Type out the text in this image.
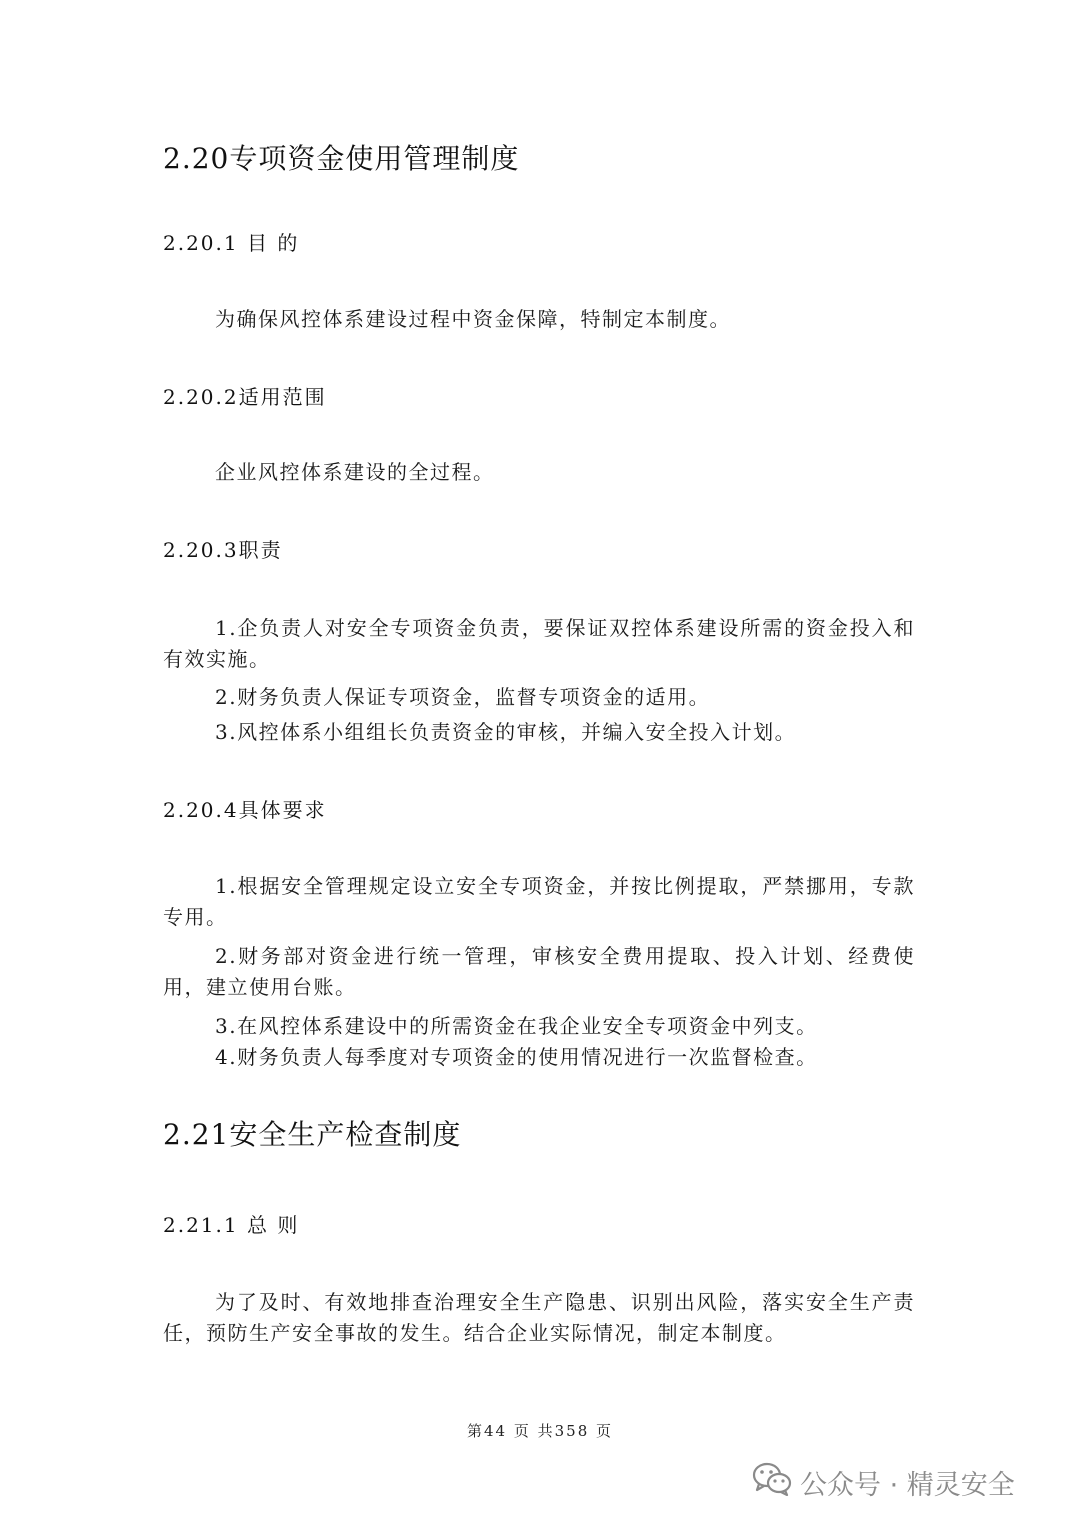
2.20专项资金使用管理制度
2.20.1 目 的

为确保风控体系建设过程中资金保障，特制定本制度。

2.20.2适用范围

企业风控体系建设的全过程。

2.20.3职责

1.企负责人对安全专项资金负责，要保证双控体系建设所需的资金投入和有效实施。

2.财务负责人保证专项资金，监督专项资金的适用。

3.风控体系小组组长负责资金的审核，并编入安全投入计划。

2.20.4具体要求

1.根据安全管理规定设立安全专项资金，并按比例提取，严禁挪用，专款专用。

2.财务部对资金进行统一管理，审核安全费用提取、投入计划、经费使用，建立使用台账。

3.在风控体系建设中的所需资金在我企业安全专项资金中列支。

4.财务负责人每季度对专项资金的使用情况进行一次监督检查。

2.21安全生产检查制度
2.21.1 总 则

为了及时、有效地排查治理安全生产隐患、识别出风险，落实安全生产责任，预防生产安全事故的发生。结合企业实际情况，制定本制度。

第44 页 共358 页
公众号 · 精灵安全
